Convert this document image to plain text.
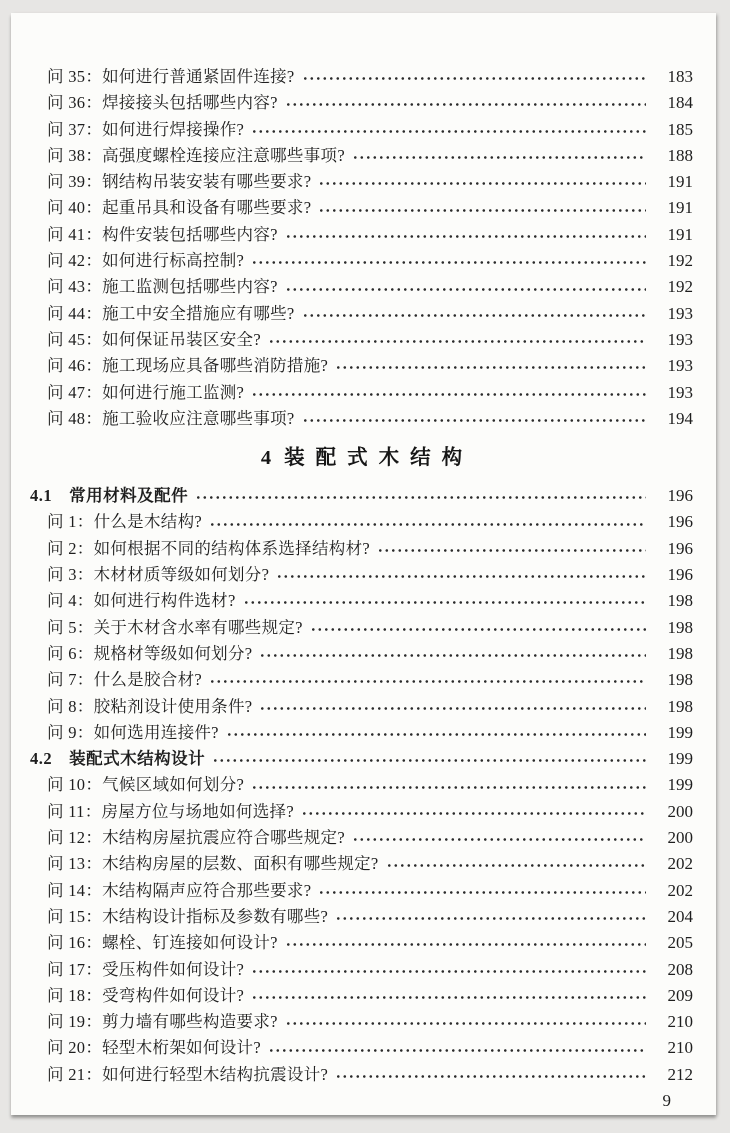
问 35：如何进行普通紧固件连接?	183
问 36：焊接接头包括哪些内容?	184
问 37：如何进行焊接操作?	185
问 38：高强度螺栓连接应注意哪些事项?	188
问 39：钢结构吊装安装有哪些要求?	191
问 40：起重吊具和设备有哪些要求?	191
问 41：构件安装包括哪些内容?	191
问 42：如何进行标高控制?	192
问 43：施工监测包括哪些内容?	192
问 44：施工中安全措施应有哪些?	193
问 45：如何保证吊装区安全?	193
问 46：施工现场应具备哪些消防措施?	193
问 47：如何进行施工监测?	193
问 48：施工验收应注意哪些事项?	194
4 装配式木结构
4.1　常用材料及配件	196
问 1：什么是木结构?	196
问 2：如何根据不同的结构体系选择结构材?	196
问 3：木材材质等级如何划分?	196
问 4：如何进行构件选材?	198
问 5：关于木材含水率有哪些规定?	198
问 6：规格材等级如何划分?	198
问 7：什么是胶合材?	198
问 8：胶粘剂设计使用条件?	198
问 9：如何选用连接件?	199
4.2　装配式木结构设计	199
问 10：气候区域如何划分?	199
问 11：房屋方位与场地如何选择?	200
问 12：木结构房屋抗震应符合哪些规定?	200
问 13：木结构房屋的层数、面积有哪些规定?	202
问 14：木结构隔声应符合那些要求?	202
问 15：木结构设计指标及参数有哪些?	204
问 16：螺栓、钉连接如何设计?	205
问 17：受压构件如何设计?	208
问 18：受弯构件如何设计?	209
问 19：剪力墙有哪些构造要求?	210
问 20：轻型木桁架如何设计?	210
问 21：如何进行轻型木结构抗震设计?	212
9
